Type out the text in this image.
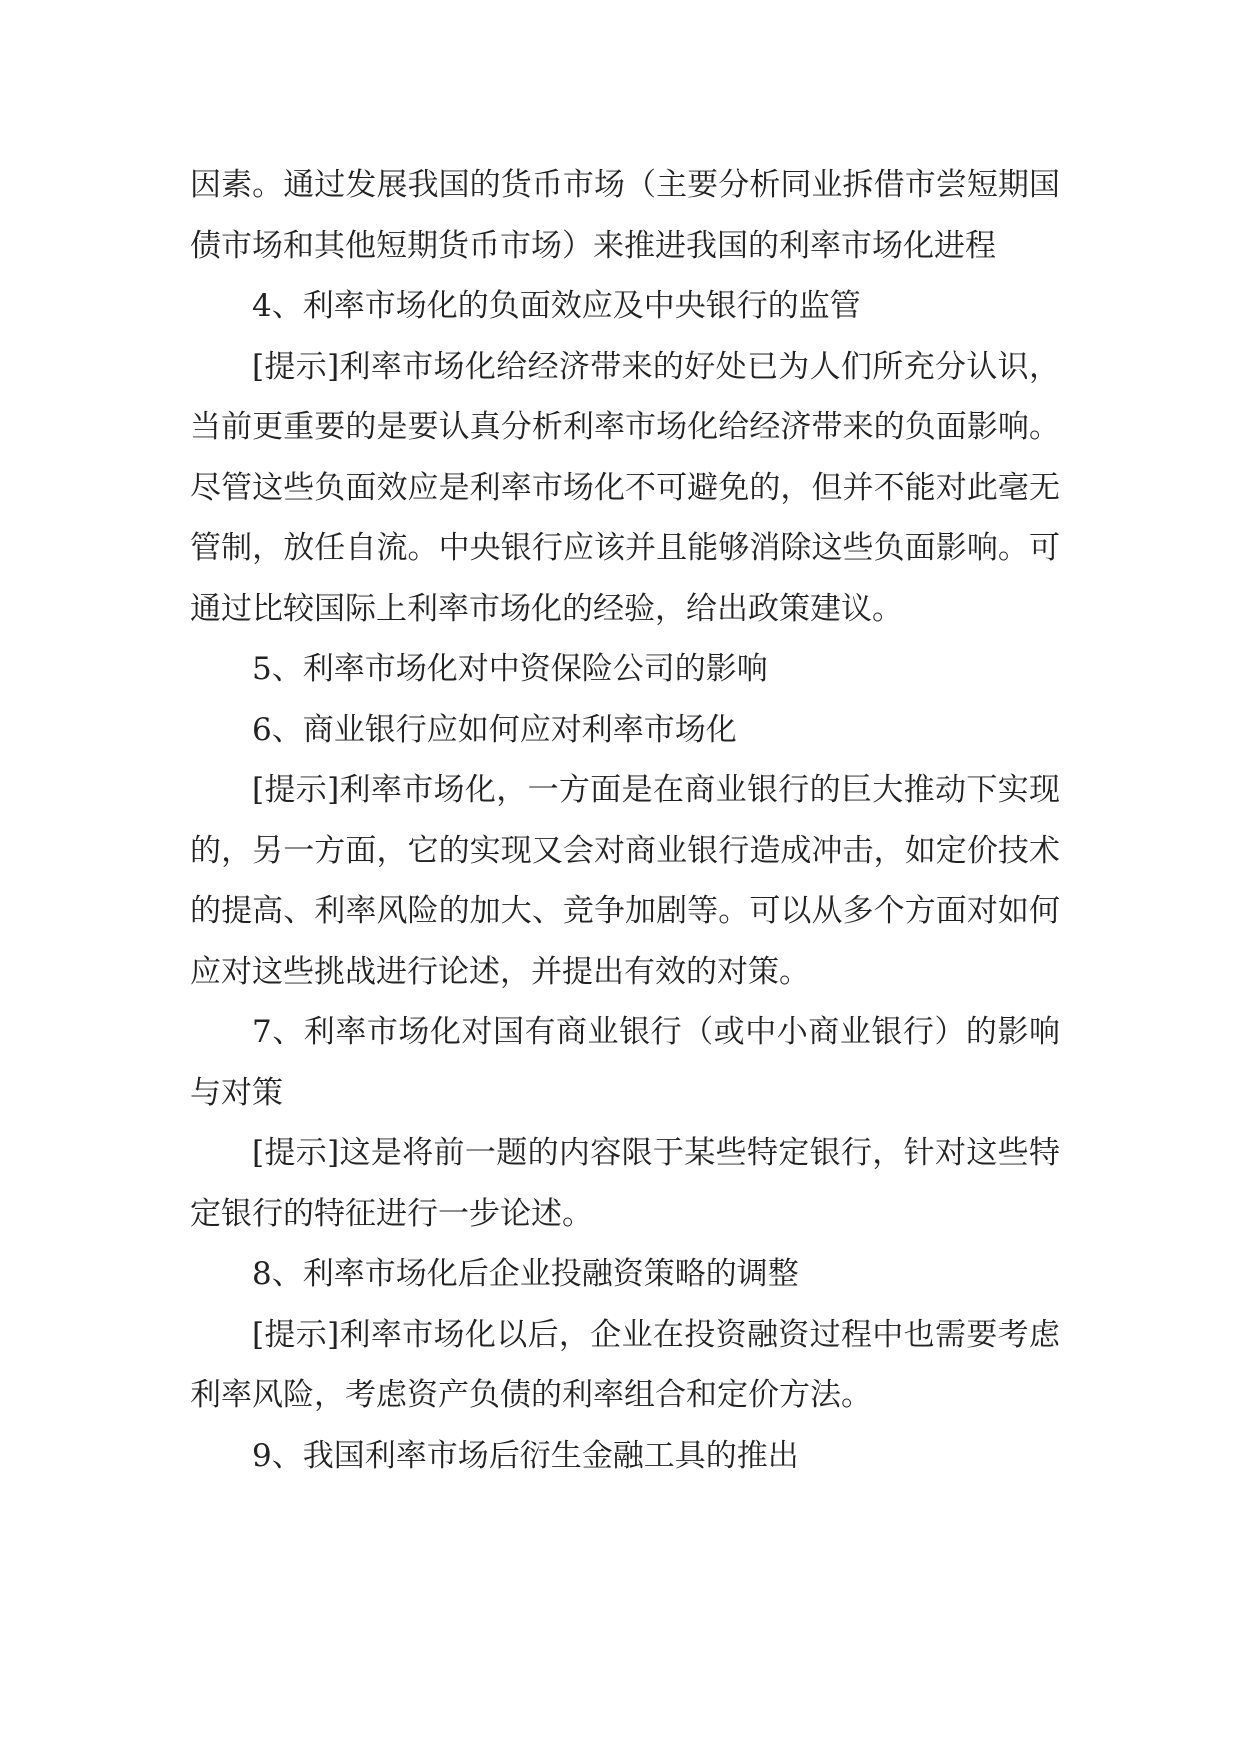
因素。通过发展我国的货币市场（主要分析同业拆借市尝短期国债市场和其他短期货币市场）来推进我国的利率市场化进程

4、利率市场化的负面效应及中央银行的监管

[提示]利率市场化给经济带来的好处已为人们所充分认识，当前更重要的是要认真分析利率市场化给经济带来的负面影响。尽管这些负面效应是利率市场化不可避免的，但并不能对此毫无管制，放任自流。中央银行应该并且能够消除这些负面影响。可通过比较国际上利率市场化的经验，给出政策建议。

5、利率市场化对中资保险公司的影响

6、商业银行应如何应对利率市场化

[提示]利率市场化，一方面是在商业银行的巨大推动下实现的，另一方面，它的实现又会对商业银行造成冲击，如定价技术的提高、利率风险的加大、竞争加剧等。可以从多个方面对如何应对这些挑战进行论述，并提出有效的对策。

7、利率市场化对国有商业银行（或中小商业银行）的影响与对策

[提示]这是将前一题的内容限于某些特定银行，针对这些特定银行的特征进行一步论述。

8、利率市场化后企业投融资策略的调整

[提示]利率市场化以后，企业在投资融资过程中也需要考虑利率风险，考虑资产负债的利率组合和定价方法。

9、我国利率市场后衍生金融工具的推出
